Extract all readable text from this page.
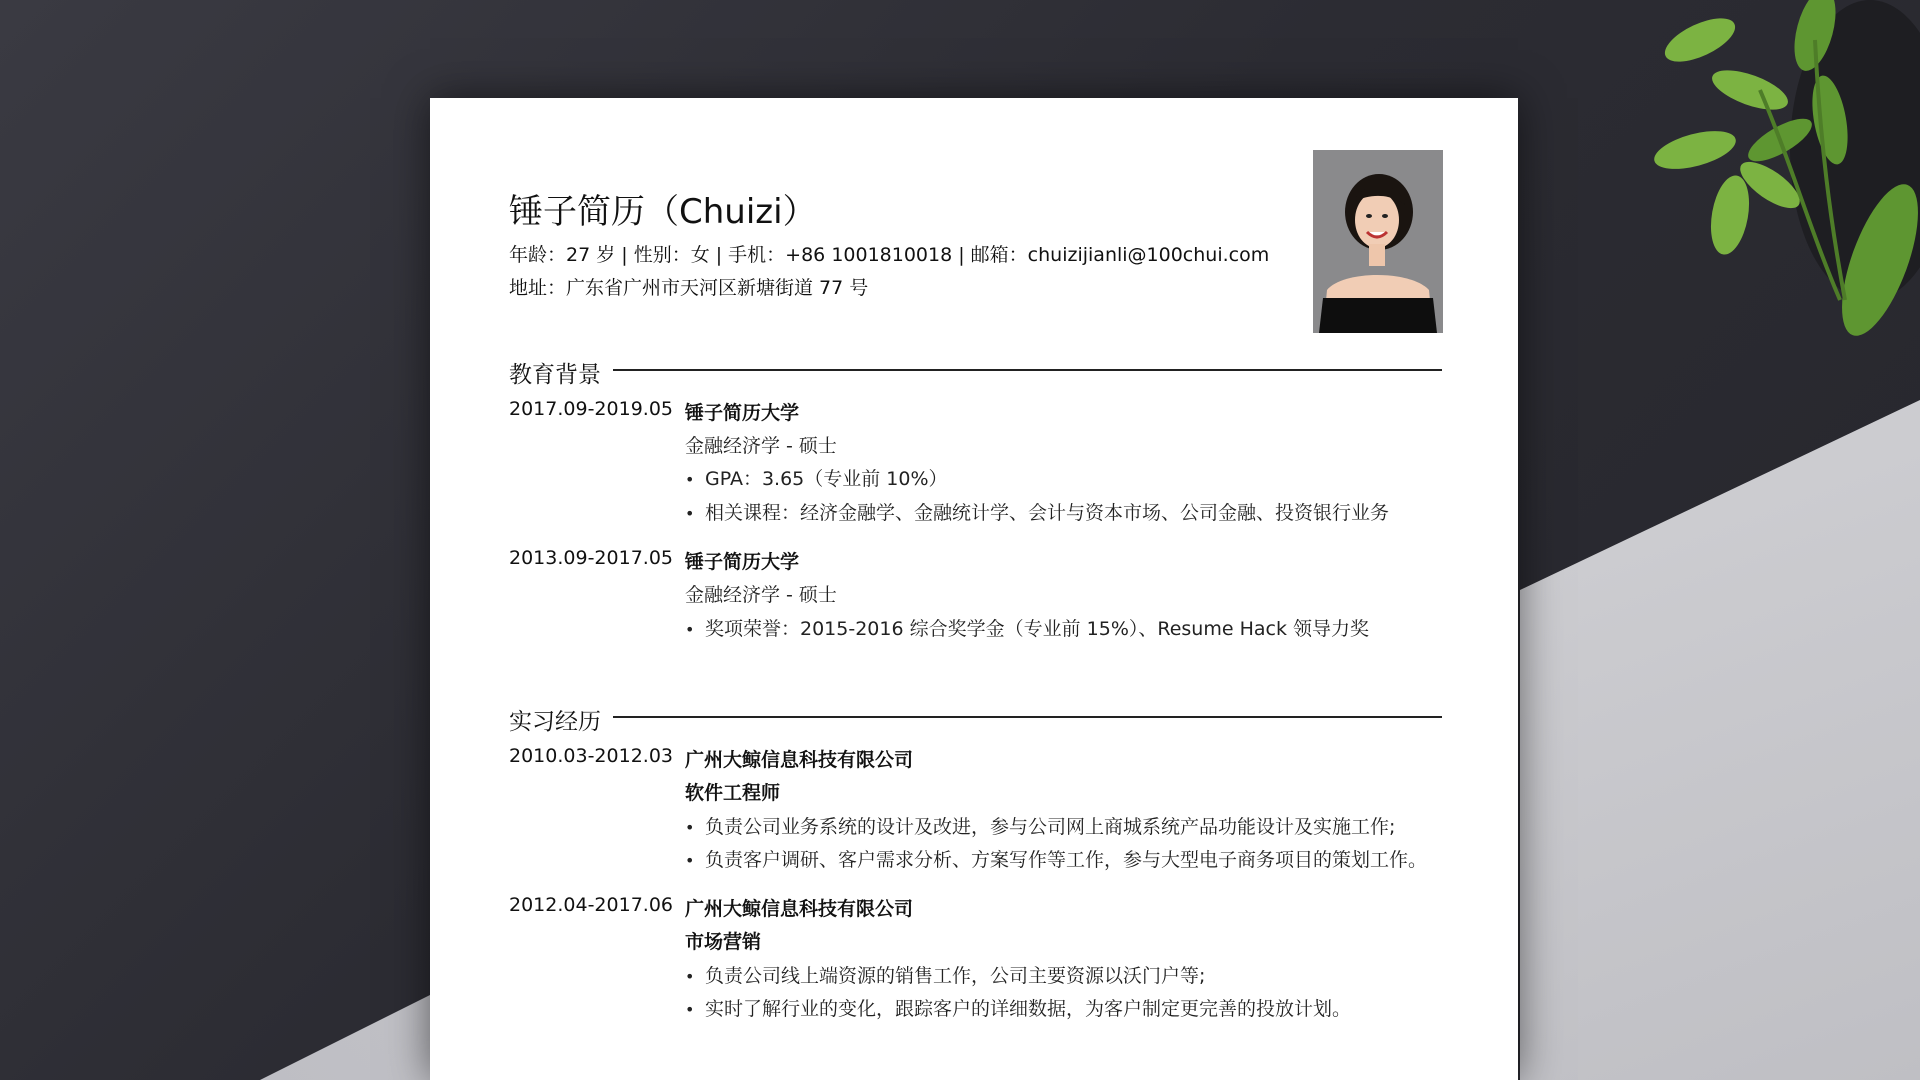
锤子简历（Chuizi）
年龄：27 岁 | 性别：女 | 手机：+86 1001810018 | 邮箱：chuizijianli@100chui.com
地址：广东省广州市天河区新塘街道 77 号
教育背景
2017.09-2019.05 锤子简历大学
金融经济学 - 硕士
• GPA：3.65（专业前 10%）
• 相关课程：经济金融学、金融统计学、会计与资本市场、公司金融、投资银行业务
2013.09-2017.05 锤子简历大学
金融经济学 - 硕士
• 奖项荣誉：2015-2016 综合奖学金（专业前 15%）、Resume Hack 领导力奖
实习经历
2010.03-2012.03 广州大鲸信息科技有限公司
软件工程师
• 负责公司业务系统的设计及改进，参与公司网上商城系统产品功能设计及实施工作;
• 负责客户调研、客户需求分析、方案写作等工作，参与大型电子商务项目的策划工作。
2012.04-2017.06 广州大鲸信息科技有限公司
市场营销
• 负责公司线上端资源的销售工作，公司主要资源以沃门户等;
• 实时了解行业的变化，跟踪客户的详细数据，为客户制定更完善的投放计划。
